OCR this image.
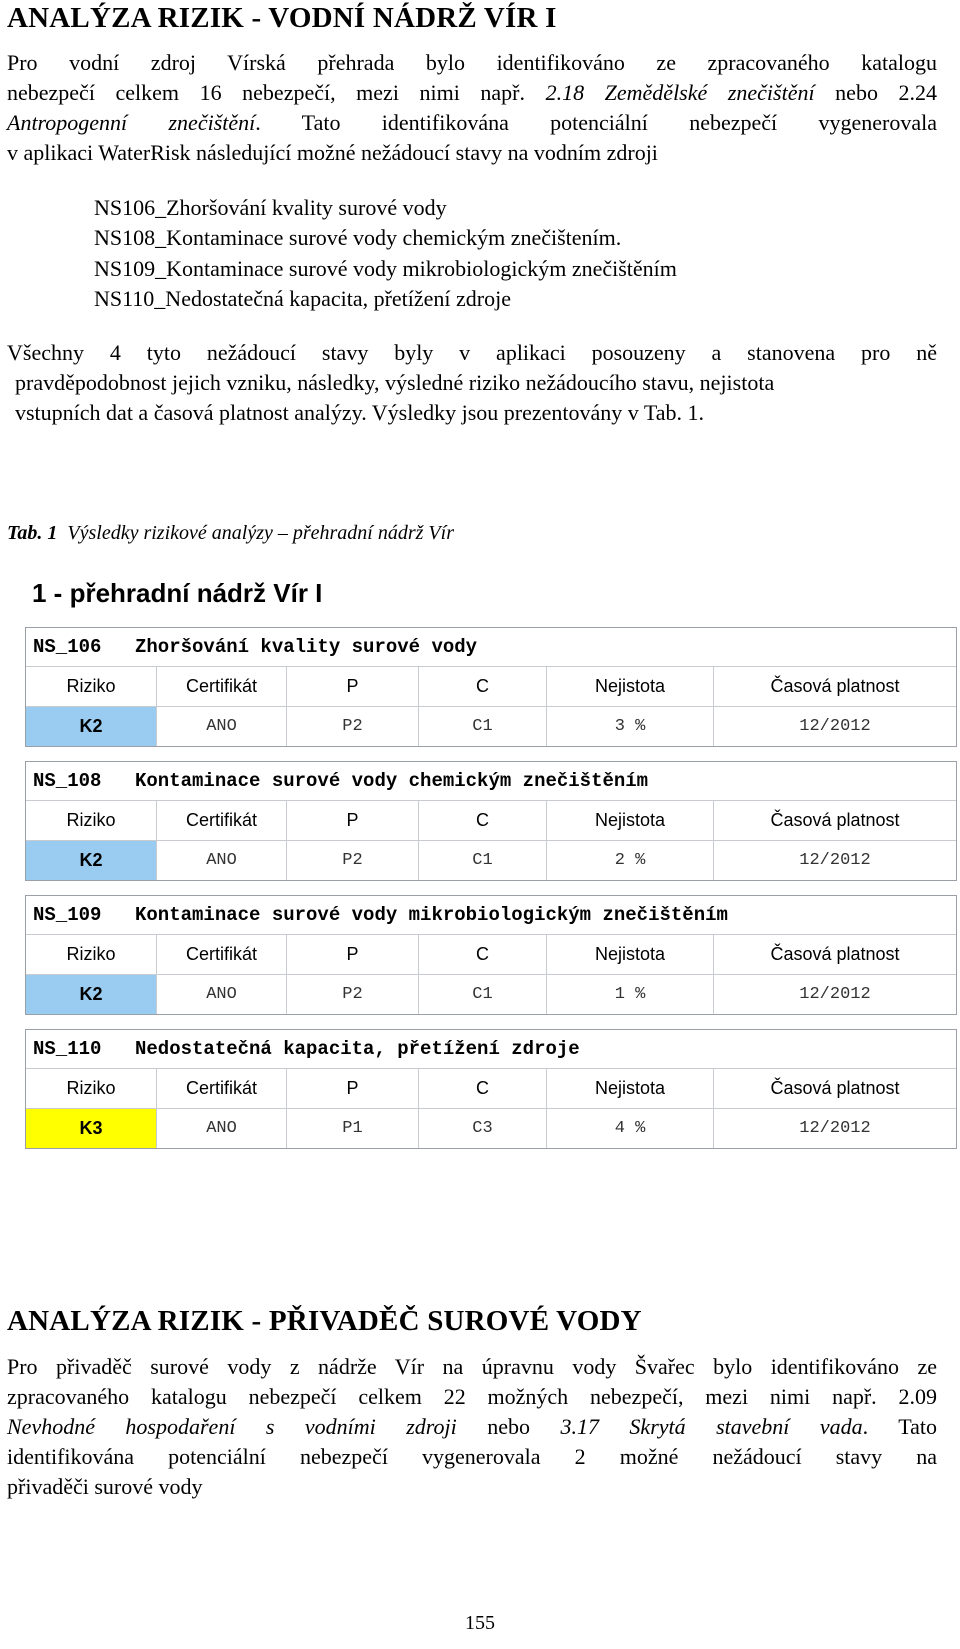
ANALÝZA RIZIK - VODNÍ NÁDRŽ VÍR I
Pro vodní zdroj Vírská přehrada bylo identifikováno ze zpracovaného katalogu
nebezpečí celkem 16 nebezpečí, mezi nimi např. 2.18 Zemědělské znečištění nebo 2.24
Antropogenní znečištění. Tato identifikována potenciální nebezpečí vygenerovala
v aplikaci WaterRisk následující možné nežádoucí stavy na vodním zdroji
NS106_Zhoršování kvality surové vody
NS108_Kontaminace surové vody chemickým znečištením.
NS109_Kontaminace surové vody mikrobiologickým znečištěním
NS110_Nedostatečná kapacita, přetížení zdroje
Všechny 4 tyto nežádoucí stavy byly v aplikaci posouzeny a stanovena pro ně
pravděpodobnost jejich vzniku, následky, výsledné riziko nežádoucího stavu, nejistota
vstupních dat a časová platnost analýzy. Výsledky jsou prezentovány v Tab. 1.
Tab. 1 Výsledky rizikové analýzy – přehradní nádrž Vír
1 - přehradní nádrž Vír I
NS_106	Zhoršování kvality surové vody
Riziko	Certifikát	P	C	Nejistota	Časová platnost
K2	ANO	P2	C1	3 %	12/2012
NS_108	Kontaminace surové vody chemickým znečištěním
Riziko	Certifikát	P	C	Nejistota	Časová platnost
K2	ANO	P2	C1	2 %	12/2012
NS_109	Kontaminace surové vody mikrobiologickým znečištěním
Riziko	Certifikát	P	C	Nejistota	Časová platnost
K2	ANO	P2	C1	1 %	12/2012
NS_110	Nedostatečná kapacita, přetížení zdroje
Riziko	Certifikát	P	C	Nejistota	Časová platnost
K3	ANO	P1	C3	4 %	12/2012
ANALÝZA RIZIK - PŘIVADĚČ SUROVÉ VODY
Pro přivaděč surové vody z nádrže Vír na úpravnu vody Švařec bylo identifikováno ze
zpracovaného katalogu nebezpečí celkem 22 možných nebezpečí, mezi nimi např. 2.09
Nevhodné hospodaření s vodními zdroji nebo 3.17 Skrytá stavební vada. Tato
identifikována potenciální nebezpečí vygenerovala 2 možné nežádoucí stavy na
přivaděči surové vody
155
